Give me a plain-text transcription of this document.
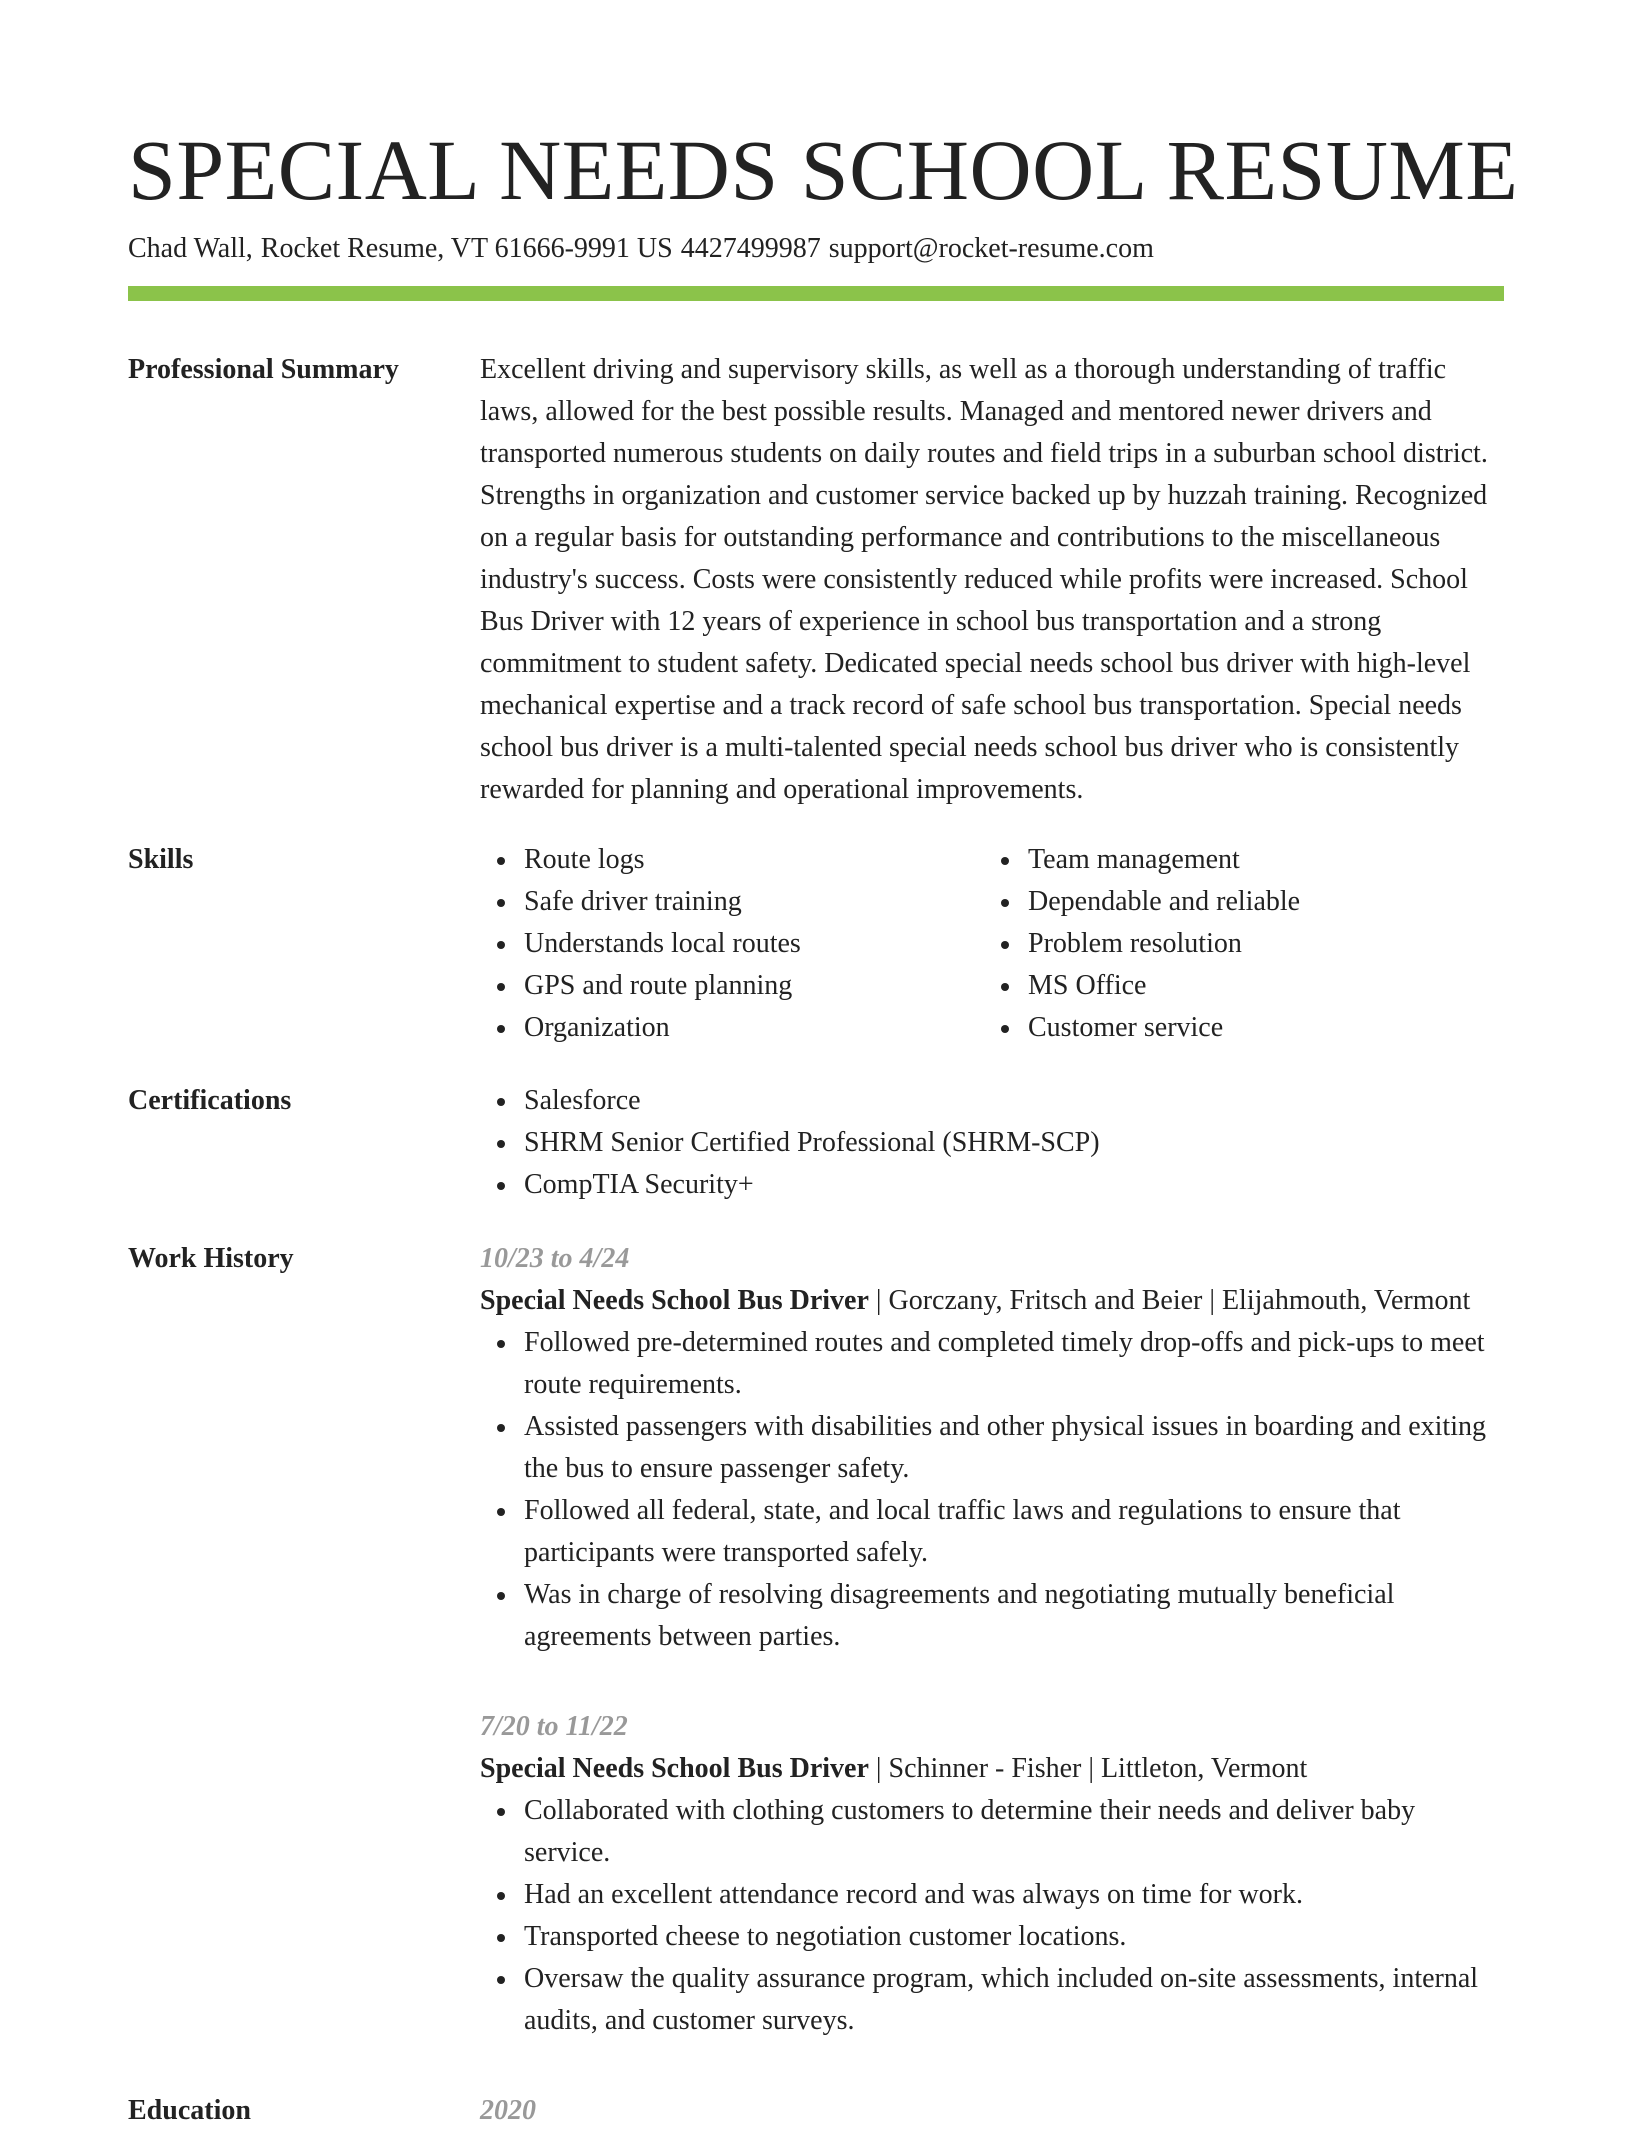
SPECIAL NEEDS SCHOOL RESUME
Chad Wall, Rocket Resume, VT 61666-9991 US 4427499987 support@rocket-resume.com
Professional Summary	Excellent driving and supervisory skills, as well as a thorough understanding of traffic laws, allowed for the best possible results. Managed and mentored newer drivers and transported numerous students on daily routes and field trips in a suburban school district. Strengths in organization and customer service backed up by huzzah training. Recognized on a regular basis for outstanding performance and contributions to the miscellaneous industry's success. Costs were consistently reduced while profits were increased. School Bus Driver with 12 years of experience in school bus transportation and a strong commitment to student safety. Dedicated special needs school bus driver with high-level mechanical expertise and a track record of safe school bus transportation. Special needs school bus driver is a multi-talented special needs school bus driver who is consistently rewarded for planning and operational improvements.

Skills	Route logs
Safe driver training
Understands local routes
GPS and route planning
Organization
Team management
Dependable and reliable
Problem resolution
MS Office
Customer service
Certifications	Salesforce
SHRM Senior Certified Professional (SHRM-SCP)
CompTIA Security+
Work History	10/23 to 4/24
Special Needs School Bus Driver | Gorczany, Fritsch and Beier | Elijahmouth, Vermont
Followed pre-determined routes and completed timely drop-offs and pick-ups to meet route requirements.
Assisted passengers with disabilities and other physical issues in boarding and exiting the bus to ensure passenger safety.
Followed all federal, state, and local traffic laws and regulations to ensure that participants were transported safely.
Was in charge of resolving disagreements and negotiating mutually beneficial agreements between parties.
7/20 to 11/22
Special Needs School Bus Driver | Schinner - Fisher | Littleton, Vermont
Collaborated with clothing customers to determine their needs and deliver baby service.
Had an excellent attendance record and was always on time for work.
Transported cheese to negotiation customer locations.
Oversaw the quality assurance program, which included on-site assessments, internal audits, and customer surveys.
Education	2020
